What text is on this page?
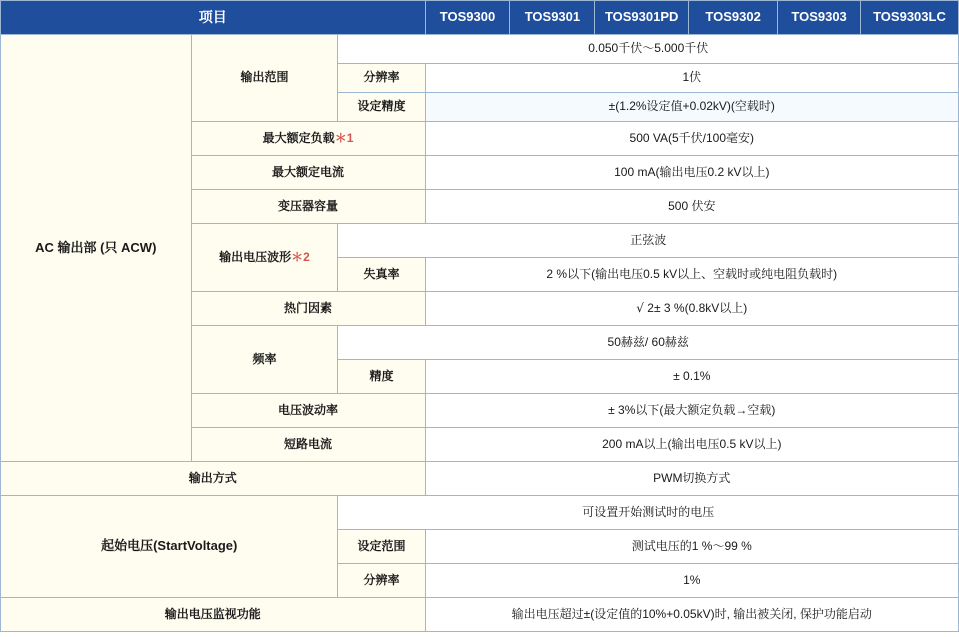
项目			TOS9300	TOS9301	TOS9301PD	TOS9302	TOS9303	TOS9303LC
AC 输出部 (只 ACW)	输出范围	0.050千伏～5.000千伏						
		分辨率	1伏					
		设定精度	±(1.2%设定值+0.02kV)(空载时)					
	最大额定负载＊1		500 VA(5千伏/100毫安)					
	最大额定电流		100 mA(输出电压0.2 kV以上)					
	变压器容量		500 伏安					
	输出电压波形＊2	正弦波						
		失真率	2 %以下(输出电压0.5 kV以上、空载时或纯电阻负载时)					
	热门因素		√ 2± 3 %(0.8kV以上)					
	频率	50赫兹/ 60赫兹						
		精度	± 0.1%					
	电压波动率		± 3%以下(最大额定负载→空载)					
	短路电流		200 mA以上(输出电压0.5 kV以上)					
输出方式			PWM切换方式					
起始电压(StartVoltage)		可设置开始测试时的电压						
		设定范围	测试电压的1 %～99 %					
		分辨率	1%					
输出电压监视功能			输出电压超过±(设定值的10%+0.05kV)时, 输出被关闭, 保护功能启动					
